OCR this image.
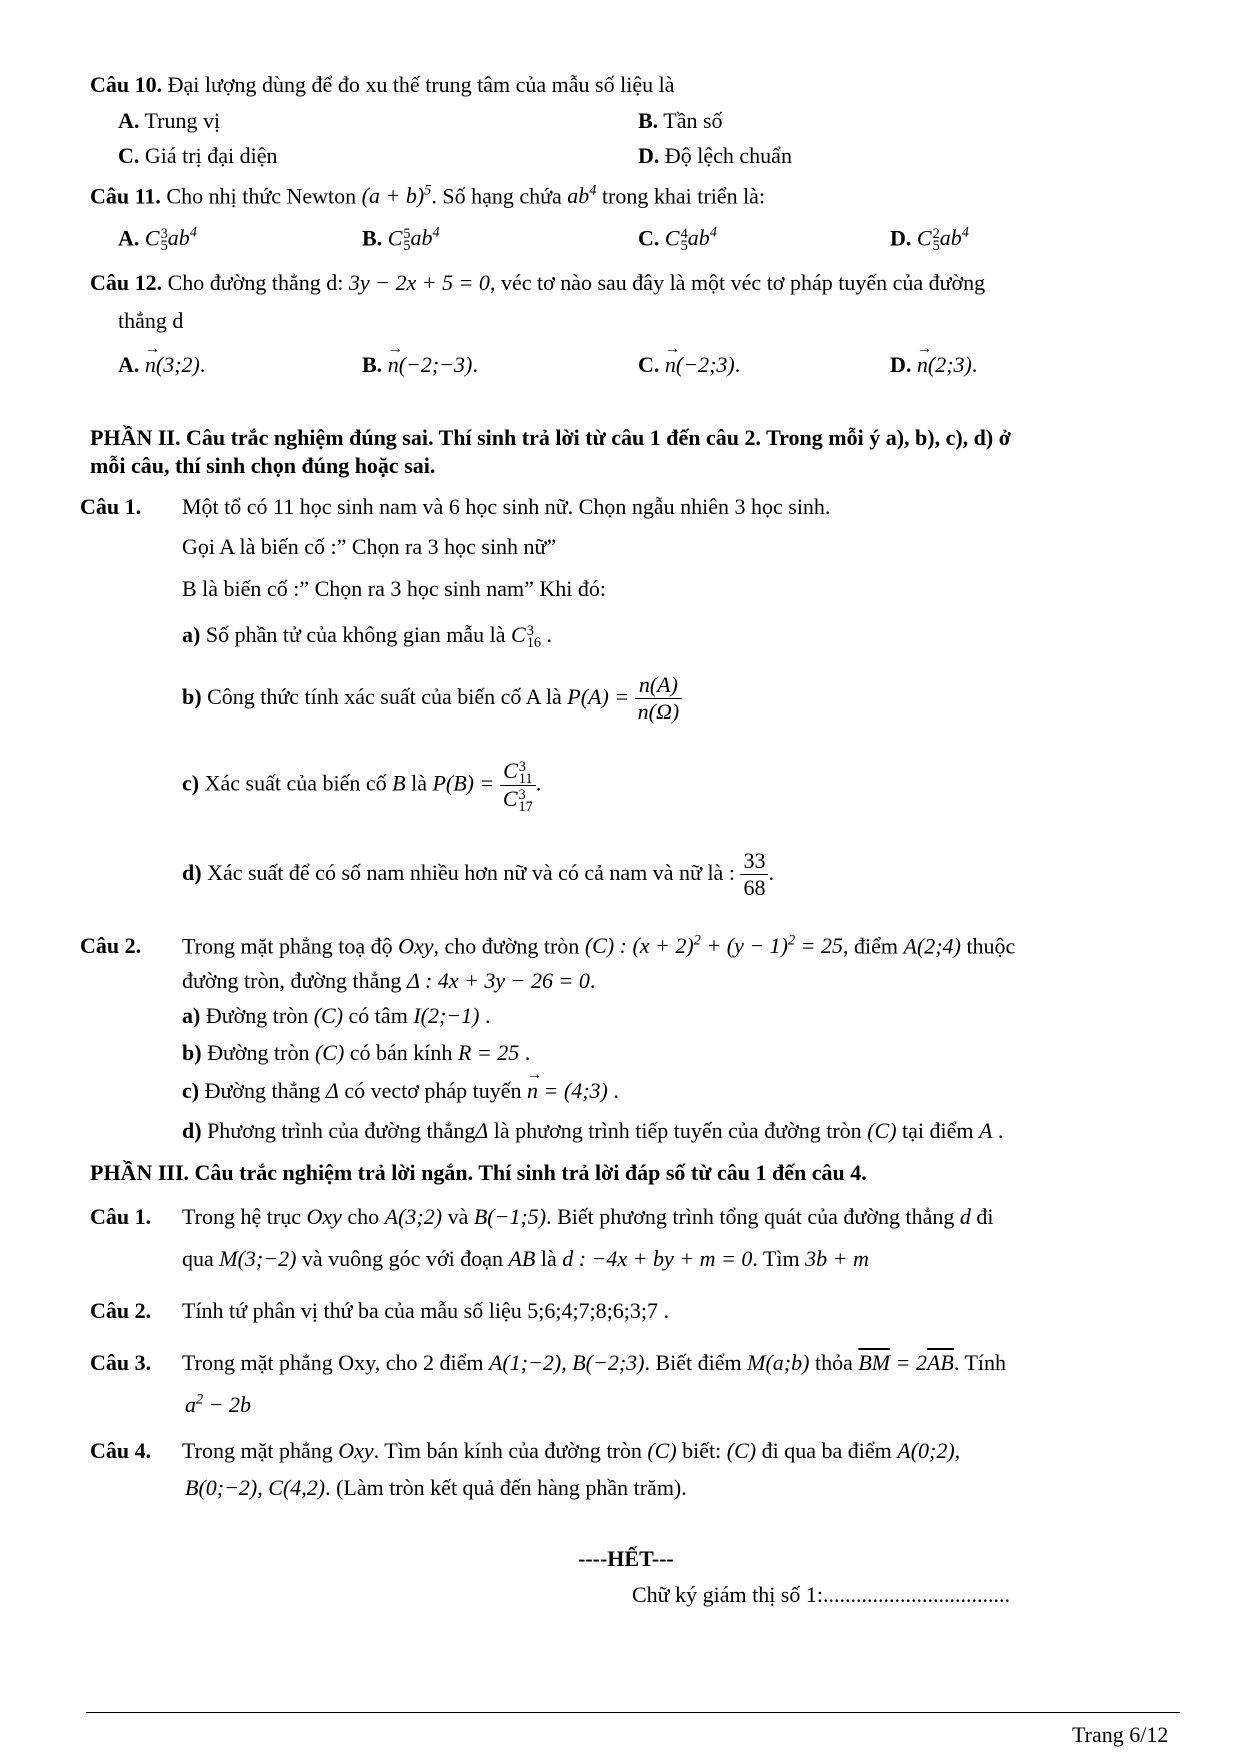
Câu 10. Đại lượng dùng để đo xu thế trung tâm của mẫu số liệu là
A. Trung vị	B. Tần số
C. Giá trị đại diện	D. Độ lệch chuẩn
Câu 11. Cho nhị thức Newton $(a + b)^5$. Số hạng chứa $ab^4$ trong khai triển là:
A. C 3
5 $ab^4$	B. C 5
5 $ab^4$	C. C 4
5 $ab^4$	D. C 2
5 $ab^4$
Câu 12. Cho đường thẳng d: 3y − 2x + 5 = 0, véc tơ nào sau đây là một véc tơ pháp tuyến của đường
thẳng d
A. → n(3;2).	B. → n(−2;−3).	C. → n(−2;3).	D. → n(2;3).
PHẦN II. Câu trắc nghiệm đúng sai. Thí sinh trả lời từ câu 1 đến câu 2. Trong mỗi ý a), b), c), d) ở
mỗi câu, thí sinh chọn đúng hoặc sai.
Câu 1. Một tổ có 11 học sinh nam và 6 học sinh nữ. Chọn ngẫu nhiên 3 học sinh.
Gọi A là biến cố :” Chọn ra 3 học sinh nữ”
B là biến cố :” Chọn ra 3 học sinh nam” Khi đó:
a) Số phần tử của không gian mẫu là C 3
16 .
b) Công thức tính xác suất của biến cố A là $P(A) = \frac{n(A)}{n(\Omega)}$
c) Xác suất của biến cố B là P(B) = C 3
11
C 3
17 .
d) Xác suất để có số nam nhiều hơn nữ và có cả nam và nữ là : $\frac{33}{68}$ .
Câu 2. Trong mặt phẳng toạ độ Oxy, cho đường tròn (C) : $(x + 2)^2 + (y - 1)^2 = 25$, điểm A(2;4) thuộc
đường tròn, đường thẳng Δ : 4x + 3y − 26 = 0.
a) Đường tròn (C) có tâm I(2;−1) .
b) Đường tròn (C) có bán kính R = 25 .
c) Đường thẳng Δ có vectơ pháp tuyến → n = (4;3) .
d) Phương trình của đường thẳngΔ là phương trình tiếp tuyến của đường tròn (C) tại điểm A .
PHẦN III. Câu trắc nghiệm trả lời ngắn. Thí sinh trả lời đáp số từ câu 1 đến câu 4.
Câu 1. Trong hệ trục Oxy cho A(3;2) và B(−1;5). Biết phương trình tổng quát của đường thẳng d đi
qua M(3;−2) và vuông góc với đoạn AB là d : −4x + by + m = 0. Tìm 3b + m
Câu 2. Tính tứ phân vị thứ ba của mẫu số liệu 5;6;4;7;8;6;3;7 .
Câu 3. Trong mặt phẳng Oxy, cho 2 điểm A(1;−2), B(−2;3). Biết điểm M(a;b) thỏa $\overline{BM} = 2\overline{AB}$. Tính
$a^2 - 2b$
Câu 4. Trong mặt phẳng Oxy. Tìm bán kính của đường tròn (C) biết: (C) đi qua ba điểm A(0;2),
B(0;−2), C(4,2). (Làm tròn kết quả đến hàng phần trăm).
----HẾT---
Chữ ký giám thị số 1:..................................
Trang 6/12
